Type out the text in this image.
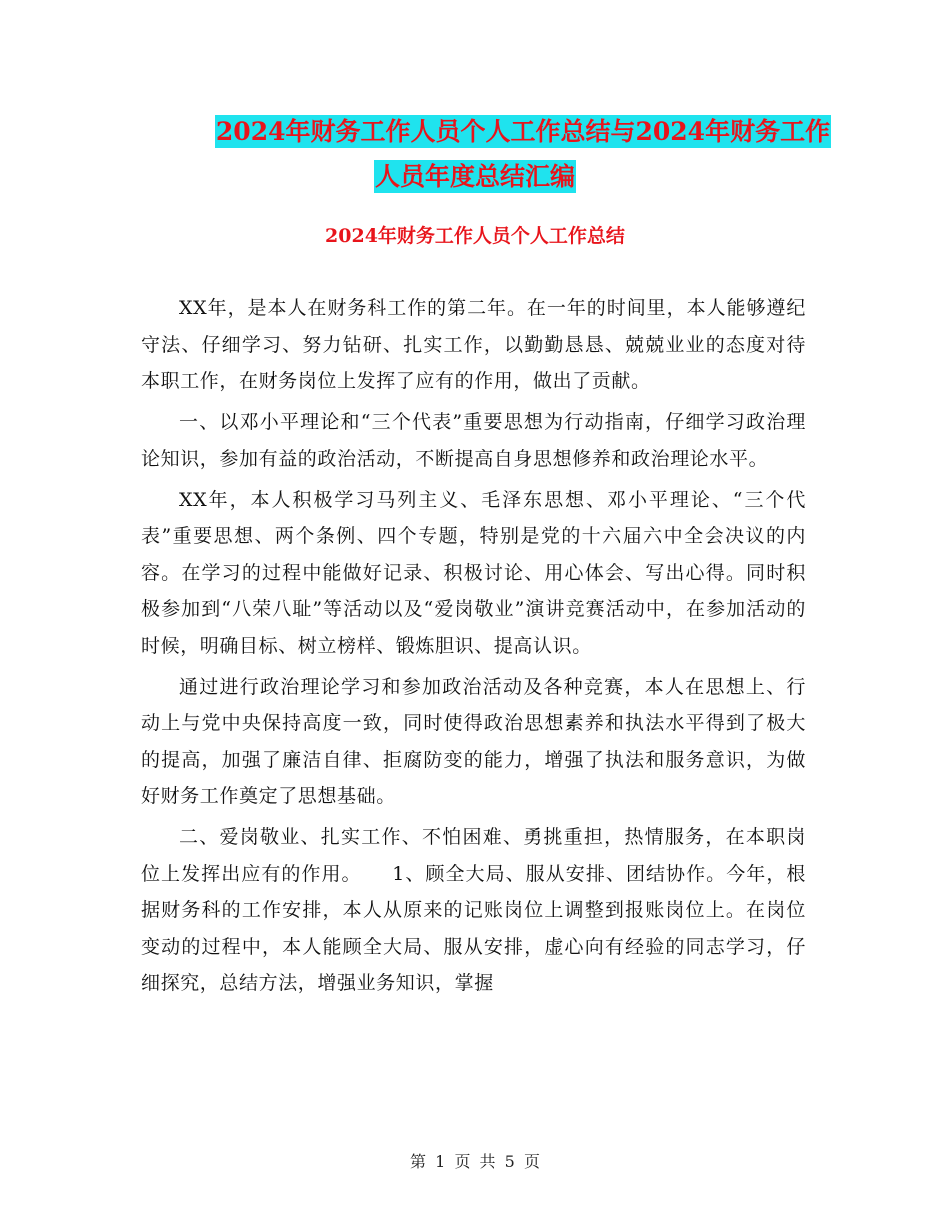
2024年财务工作人员个人工作总结与2024年财务工作
人员年度总结汇编
2024年财务工作人员个人工作总结

XX年，是本人在财务科工作的第二年。在一年的时间里，本人能够遵纪守法、仔细学习、努力钻研、扎实工作，以勤勤恳恳、兢兢业业的态度对待本职工作，在财务岗位上发挥了应有的作用，做出了贡献。

一、以邓小平理论和“三个代表”重要思想为行动指南，仔细学习政治理论知识，参加有益的政治活动，不断提高自身思想修养和政治理论水平。

XX年，本人积极学习马列主义、毛泽东思想、邓小平理论、“三个代表”重要思想、两个条例、四个专题，特别是党的十六届六中全会决议的内容。在学习的过程中能做好记录、积极讨论、用心体会、写出心得。同时积极参加到“八荣八耻”等活动以及“爱岗敬业”演讲竞赛活动中，在参加活动的时候，明确目标、树立榜样、锻炼胆识、提高认识。

通过进行政治理论学习和参加政治活动及各种竞赛，本人在思想上、行动上与党中央保持高度一致，同时使得政治思想素养和执法水平得到了极大的提高，加强了廉洁自律、拒腐防变的能力，增强了执法和服务意识，为做好财务工作奠定了思想基础。

二、爱岗敬业、扎实工作、不怕困难、勇挑重担，热情服务，在本职岗位上发挥出应有的作用。　　1、顾全大局、服从安排、团结协作。今年，根据财务科的工作安排，本人从原来的记账岗位上调整到报账岗位上。在岗位变动的过程中，本人能顾全大局、服从安排，虚心向有经验的同志学习，仔细探究，总结方法，增强业务知识，掌握

第 1 页 共 5 页
